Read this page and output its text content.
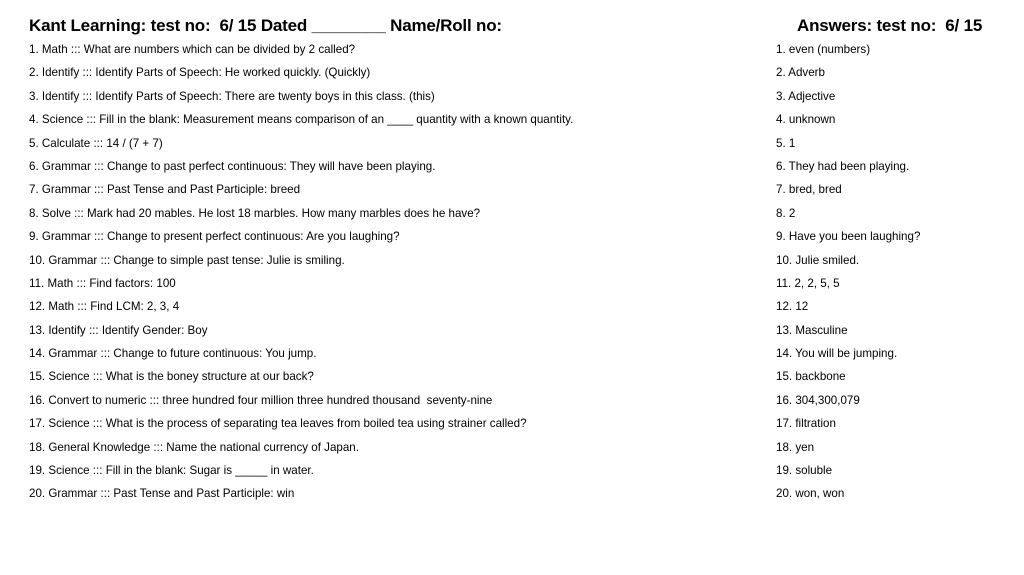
Kant Learning: test no:  6/ 15 Dated ________ Name/Roll no:	Answers: test no:  6/ 15
1. Math ::: What are numbers which can be divided by 2 called?
2. Identify ::: Identify Parts of Speech: He worked quickly. (Quickly)
3. Identify ::: Identify Parts of Speech: There are twenty boys in this class. (this)
4. Science ::: Fill in the blank: Measurement means comparison of an ____ quantity with a known quantity.
5. Calculate ::: 14 / (7 + 7)
6. Grammar ::: Change to past perfect continuous: They will have been playing.
7. Grammar ::: Past Tense and Past Participle: breed
8. Solve ::: Mark had 20 mables. He lost 18 marbles. How many marbles does he have?
9. Grammar ::: Change to present perfect continuous: Are you laughing?
10. Grammar ::: Change to simple past tense: Julie is smiling.
11. Math ::: Find factors: 100
12. Math ::: Find LCM: 2, 3, 4
13. Identify ::: Identify Gender: Boy
14. Grammar ::: Change to future continuous: You jump.
15. Science ::: What is the boney structure at our back?
16. Convert to numeric ::: three hundred four million three hundred thousand  seventy-nine
17. Science ::: What is the process of separating tea leaves from boiled tea using strainer called?
18. General Knowledge ::: Name the national currency of Japan.
19. Science ::: Fill in the blank: Sugar is _____ in water.
20. Grammar ::: Past Tense and Past Participle: win
1. even (numbers)
2. Adverb
3. Adjective
4. unknown
5. 1
6. They had been playing.
7. bred, bred
8. 2
9. Have you been laughing?
10. Julie smiled.
11. 2, 2, 5, 5
12. 12
13. Masculine
14. You will be jumping.
15. backbone
16. 304,300,079
17. filtration
18. yen
19. soluble
20. won, won
